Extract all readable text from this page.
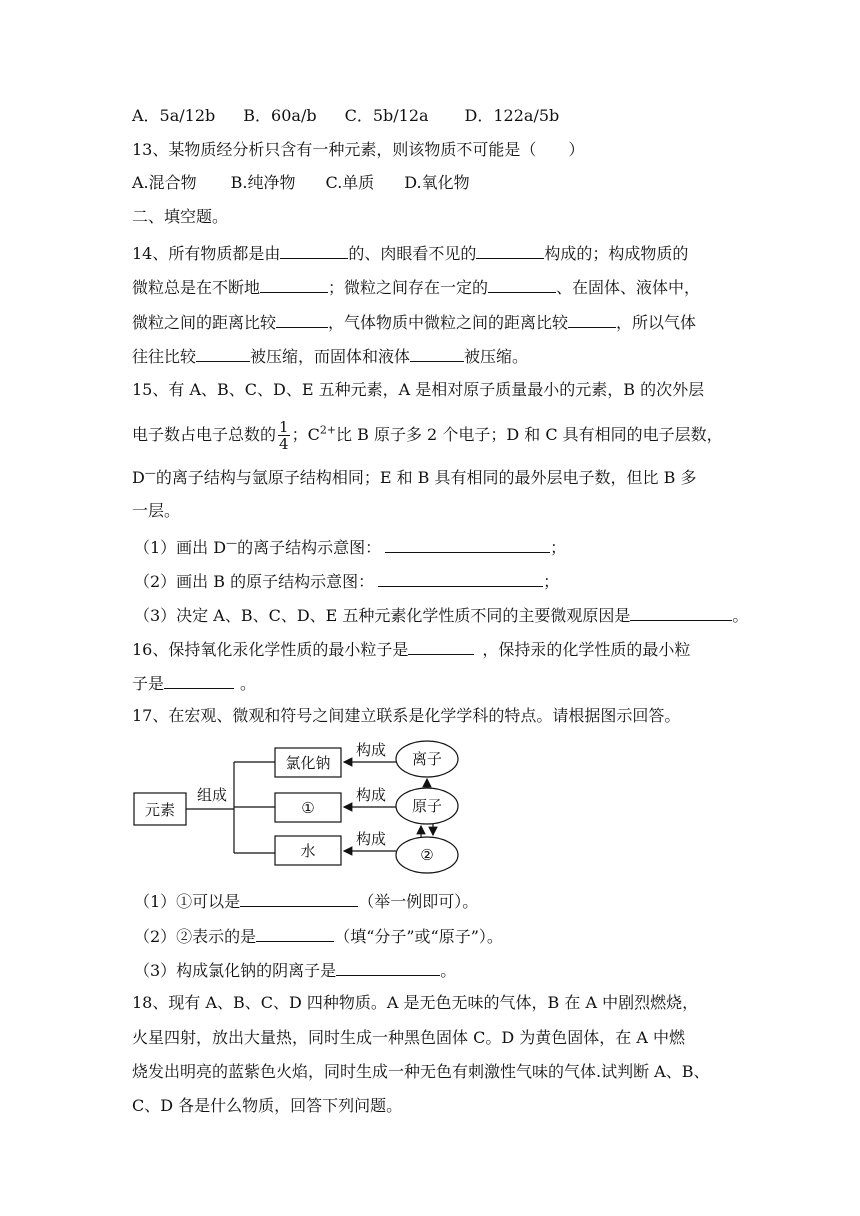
A．5a/12b B．60a/b C．5b/12a D．122a/5b
13、某物质经分析只含有一种元素，则该物质不可能是（　　）
A.混合物 B.纯净物 C.单质 D.氧化物
二、填空题。
14、所有物质都是由	的、肉眼看不见的	构成的；构成物质的
微粒总是在不断地	；微粒之间存在一定的	、在固体、液体中，
微粒之间的距离比较	，气体物质中微粒之间的距离比较	，所以气体
往往比较	被压缩，而固体和液体	被压缩。
15、有 A、B、C、D、E 五种元素，A 是相对原子质量最小的元素，B 的次外层
电子数占电子总数的 $\frac{1}{4}$ ；$C^{2+}$比 B 原子多 2 个电子；D 和 C 具有相同的电子层数，
D—的离子结构与氩原子结构相同；E 和 B 具有相同的最外层电子数，但比 B 多
一层。
（1）画出 D—的离子结构示意图：	；
（2）画出 B 的原子结构示意图：	；
（3）决定 A、B、C、D、E 五种元素化学性质不同的主要微观原因是	。
16、保持氧化汞化学性质的最小粒子是	，保持汞的化学性质的最小粒
子是	。
17、在宏观、微观和符号之间建立联系是化学学科的特点。请根据图示回答。
元素
组成
氯化钠
①
水
构成
构成
构成
离子
原子
②
（1）①可以是	（举一例即可）。
（2）②表示的是	（填“分子”或“原子”）。
（3）构成氯化钠的阴离子是	。
18、现有 A、B、C、D 四种物质。A 是无色无味的气体，B 在 A 中剧烈燃烧，
火星四射，放出大量热，同时生成一种黑色固体 C。D 为黄色固体，在 A 中燃
烧发出明亮的蓝紫色火焰，同时生成一种无色有刺激性气味的气体.试判断 A、B、
C、D 各是什么物质，回答下列问题。
